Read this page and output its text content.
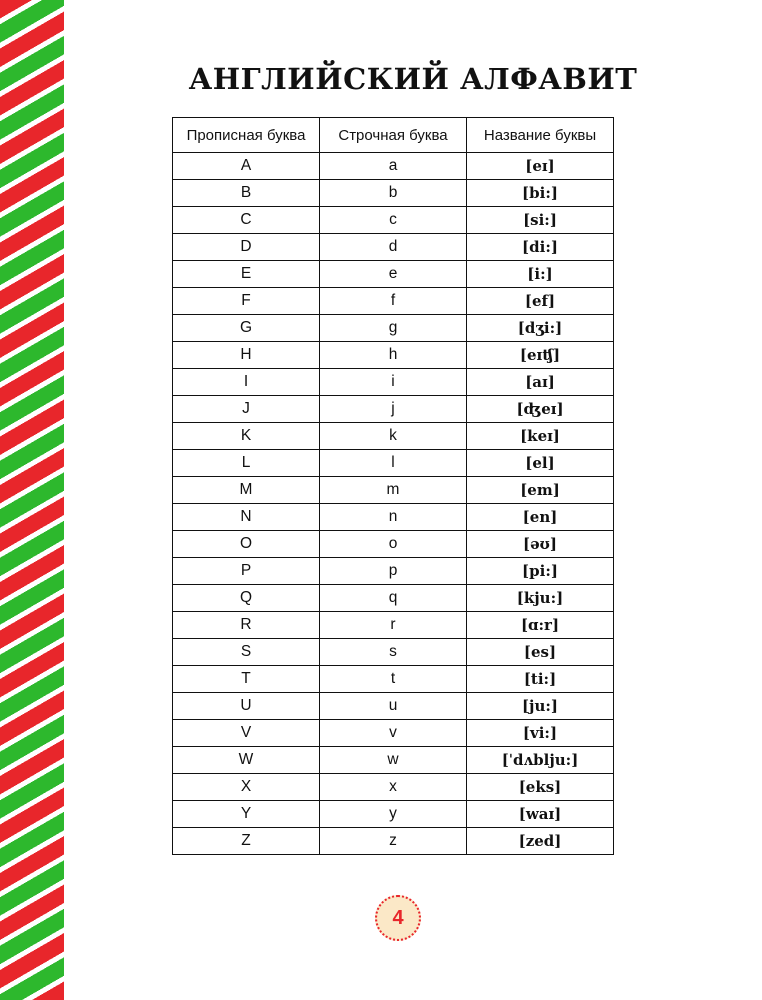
АНГЛИЙСКИЙ АЛФАВИТ
Прописная буква	Строчная буква	Название буквы
A	a	[eɪ]
B	b	[bi:]
C	c	[si:]
D	d	[di:]
E	e	[i:]
F	f	[ef]
G	g	[dʒi:]
H	h	[eɪʧ]
I	i	[aɪ]
J	j	[ʤeɪ]
K	k	[keɪ]
L	l	[el]
M	m	[em]
N	n	[en]
O	o	[əʊ]
P	p	[pi:]
Q	q	[kju:]
R	r	[ɑ:r]
S	s	[es]
T	t	[ti:]
U	u	[ju:]
V	v	[vi:]
W	w	[ˈdʌblju:]
X	x	[eks]
Y	y	[waɪ]
Z	z	[zed]
4
